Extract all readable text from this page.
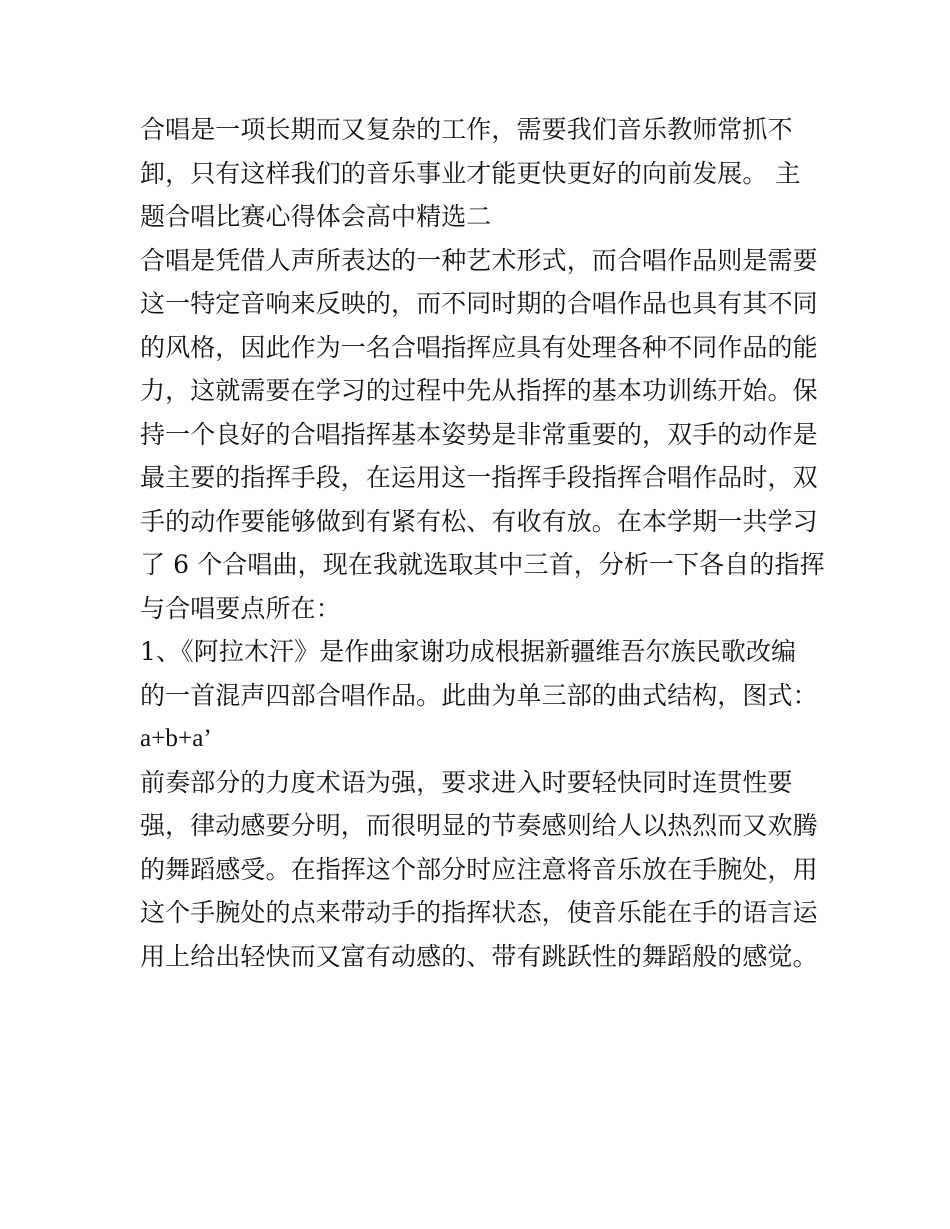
合唱是一项长期而又复杂的工作，需要我们音乐教师常抓不
卸，只有这样我们的音乐事业才能更快更好的向前发展。 主
题合唱比赛心得体会高中精选二
合唱是凭借人声所表达的一种艺术形式，而合唱作品则是需要
这一特定音响来反映的，而不同时期的合唱作品也具有其不同
的风格，因此作为一名合唱指挥应具有处理各种不同作品的能
力，这就需要在学习的过程中先从指挥的基本功训练开始。保
持一个良好的合唱指挥基本姿势是非常重要的，双手的动作是
最主要的指挥手段，在运用这一指挥手段指挥合唱作品时，双
手的动作要能够做到有紧有松、有收有放。在本学期一共学习
了 6 个合唱曲，现在我就选取其中三首，分析一下各自的指挥
与合唱要点所在：
1、《阿拉木汗》是作曲家谢功成根据新疆维吾尔族民歌改编
的一首混声四部合唱作品。此曲为单三部的曲式结构，图式：
a+b+a’
前奏部分的力度术语为强，要求进入时要轻快同时连贯性要
强，律动感要分明，而很明显的节奏感则给人以热烈而又欢腾
的舞蹈感受。在指挥这个部分时应注意将音乐放在手腕处，用
这个手腕处的点来带动手的指挥状态，使音乐能在手的语言运
用上给出轻快而又富有动感的、带有跳跃性的舞蹈般的感觉。
